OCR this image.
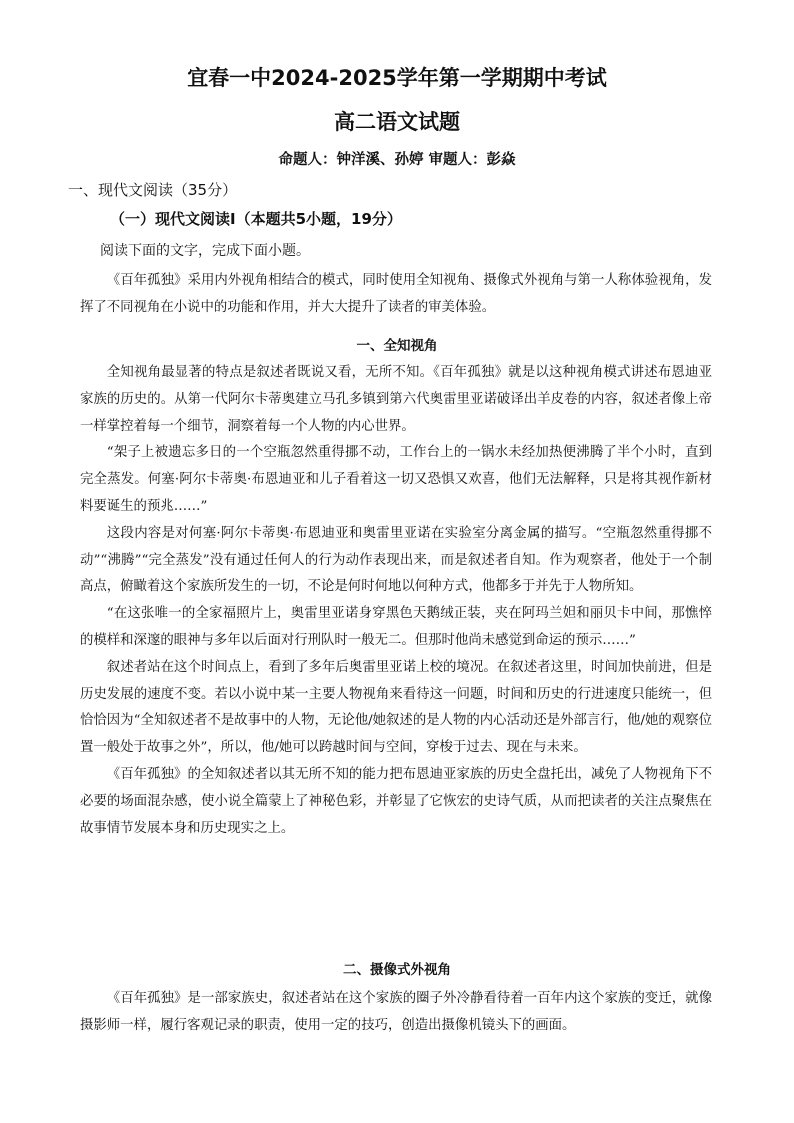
宜春一中2024-2025学年第一学期期中考试
高二语文试题
命题人：钟洋溪、孙婷 审题人：彭焱
一、现代文阅读（35分）
（一）现代文阅读Ⅰ（本题共5小题，19分）
阅读下面的文字，完成下面小题。

《百年孤独》采用内外视角相结合的模式，同时使用全知视角、摄像式外视角与第一人称体验视角，发挥了不同视角在小说中的功能和作用，并大大提升了读者的审美体验。

一、全知视角

全知视角最显著的特点是叙述者既说又看，无所不知。《百年孤独》就是以这种视角模式讲述布恩迪亚家族的历史的。从第一代阿尔卡蒂奥建立马孔多镇到第六代奥雷里亚诺破译出羊皮卷的内容，叙述者像上帝一样掌控着每一个细节，洞察着每一个人物的内心世界。

“架子上被遗忘多日的一个空瓶忽然重得挪不动，工作台上的一锅水未经加热便沸腾了半个小时，直到完全蒸发。何塞·阿尔卡蒂奥·布恩迪亚和儿子看着这一切又恐惧又欢喜，他们无法解释，只是将其视作新材料要诞生的预兆……”

这段内容是对何塞·阿尔卡蒂奥·布恩迪亚和奥雷里亚诺在实验室分离金属的描写。“空瓶忽然重得挪不动”“沸腾”“完全蒸发”没有通过任何人的行为动作表现出来，而是叙述者自知。作为观察者，他处于一个制高点，俯瞰着这个家族所发生的一切，不论是何时何地以何种方式，他都多于并先于人物所知。

“在这张唯一的全家福照片上，奥雷里亚诺身穿黑色天鹅绒正装，夹在阿玛兰妲和丽贝卡中间，那憔悴的模样和深邃的眼神与多年以后面对行刑队时一般无二。但那时他尚未感觉到命运的预示……”

叙述者站在这个时间点上，看到了多年后奥雷里亚诺上校的境况。在叙述者这里，时间加快前进，但是历史发展的速度不变。若以小说中某一主要人物视角来看待这一问题，时间和历史的行进速度只能统一，但恰恰因为“全知叙述者不是故事中的人物，无论他/她叙述的是人物的内心活动还是外部言行，他/她的观察位置一般处于故事之外”，所以，他/她可以跨越时间与空间，穿梭于过去、现在与未来。

《百年孤独》的全知叙述者以其无所不知的能力把布恩迪亚家族的历史全盘托出，减免了人物视角下不必要的场面混杂感，使小说全篇蒙上了神秘色彩，并彰显了它恢宏的史诗气质，从而把读者的关注点聚焦在故事情节发展本身和历史现实之上。

二、摄像式外视角

《百年孤独》是一部家族史，叙述者站在这个家族的圈子外冷静看待着一百年内这个家族的变迁，就像摄影师一样，履行客观记录的职责，使用一定的技巧，创造出摄像机镜头下的画面。
